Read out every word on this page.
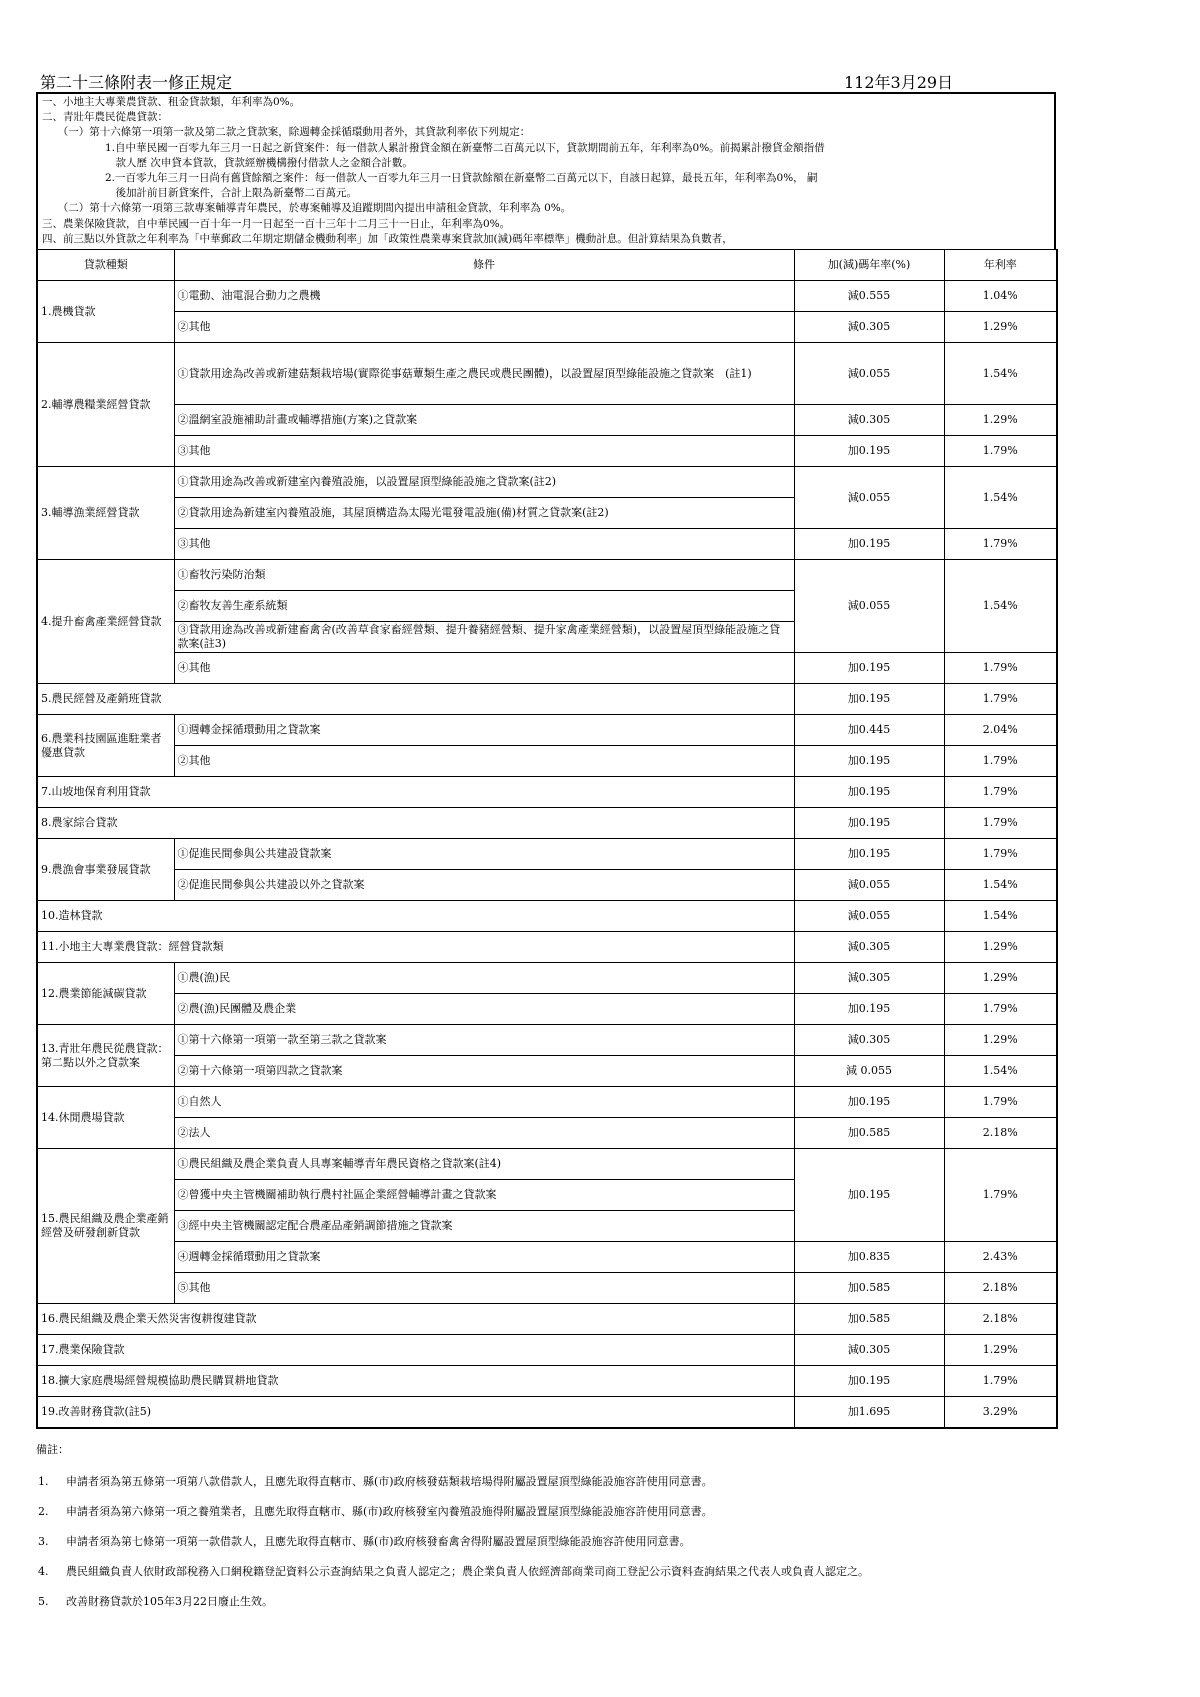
第二十三條附表一修正規定	112年3月29日
一、小地主大專業農貸款、租金貸款類，年利率為0%。
二、青壯年農民從農貸款：
　　（一）第十六條第一項第一款及第二款之貸款案，除週轉金採循環動用者外，其貸款利率依下列規定：
　　　　　　1.自中華民國一百零九年三月一日起之新貸案件：每一借款人累計撥貸金額在新臺幣二百萬元以下，貸款期間前五年，年利率為0%。前揭累計撥貸金額指借
　　　　　　　款人歷 次申貸本貸款，貸款經辦機構撥付借款人之金額合計數。
　　　　　　2.一百零九年三月一日尚有舊貸餘額之案件：每一借款人一百零九年三月一日貸款餘額在新臺幣二百萬元以下，自該日起算，最長五年，年利率為0%， 嗣
　　　　　　　後加計前目新貸案件，合計上限為新臺幣二百萬元。
　　（二）第十六條第一項第三款專案輔導青年農民，於專案輔導及追蹤期間內提出申請租金貸款，年利率為 0%。
三、農業保險貸款，自中華民國一百十年一月一日起至一百十三年十二月三十一日止，年利率為0%。
四、前三點以外貸款之年利率為「中華郵政二年期定期儲金機動利率」加「政策性農業專案貸款加(減)碼年率標準」機動計息。但計算結果為負數者，
貸款種類	條件	加(減)碼年率(%)	年利率
1.農機貸款	①電動、油電混合動力之農機	減0.555	1.04%
	②其他	減0.305	1.29%
2.輔導農糧業經營貸款	①貸款用途為改善或新建菇類栽培場(實際從事菇蕈類生產之農民或農民團體)，以設置屋頂型綠能設施之貸款案　(註1)	減0.055	1.54%
	②溫網室設施補助計畫或輔導措施(方案)之貸款案	減0.305	1.29%
	③其他	加0.195	1.79%
3.輔導漁業經營貸款	①貸款用途為改善或新建室內養殖設施，以設置屋頂型綠能設施之貸款案(註2)	減0.055	1.54%
	②貸款用途為新建室內養殖設施，其屋頂構造為太陽光電發電設施(備)材質之貸款案(註2)		
	③其他	加0.195	1.79%
4.提升畜禽產業經營貸款	①畜牧污染防治類	減0.055	1.54%
	②畜牧友善生產系統類		
	③貸款用途為改善或新建畜禽舍(改善草食家畜經營類、提升養豬經營類、提升家禽產業經營類)，以設置屋頂型綠能設施之貸款案(註3)		
	④其他	加0.195	1.79%
5.農民經營及產銷班貸款		加0.195	1.79%
6.農業科技園區進駐業者優惠貸款	①週轉金採循環動用之貸款案	加0.445	2.04%
	②其他	加0.195	1.79%
7.山坡地保育利用貸款		加0.195	1.79%
8.農家綜合貸款		加0.195	1.79%
9.農漁會事業發展貸款	①促進民間參與公共建設貸款案	加0.195	1.79%
	②促進民間參與公共建設以外之貸款案	減0.055	1.54%
10.造林貸款		減0.055	1.54%
11.小地主大專業農貸款：經營貸款類		減0.305	1.29%
12.農業節能減碳貸款	①農(漁)民	減0.305	1.29%
	②農(漁)民團體及農企業	加0.195	1.79%
13.青壯年農民從農貸款：第二點以外之貸款案	①第十六條第一項第一款至第三款之貸款案	減0.305	1.29%
	②第十六條第一項第四款之貸款案	減 0.055	1.54%
14.休閒農場貸款	①自然人	加0.195	1.79%
	②法人	加0.585	2.18%
15.農民組織及農企業產銷經營及研發創新貸款	①農民組織及農企業負責人具專案輔導青年農民資格之貸款案(註4)	加0.195	1.79%
	②曾獲中央主管機關補助執行農村社區企業經營輔導計畫之貸款案		
	③經中央主管機關認定配合農產品產銷調節措施之貸款案		
	④週轉金採循環動用之貸款案	加0.835	2.43%
	⑤其他	加0.585	2.18%
16.農民組織及農企業天然災害復耕復建貸款		加0.585	2.18%
17.農業保險貸款		減0.305	1.29%
18.擴大家庭農場經營規模協助農民購買耕地貸款		加0.195	1.79%
19.改善財務貸款(註5)		加1.695	3.29%
備註：
1.	申請者須為第五條第一項第八款借款人，且應先取得直轄市、縣(市)政府核發菇類栽培場得附屬設置屋頂型綠能設施容許使用同意書。
2.	申請者須為第六條第一項之養殖業者，且應先取得直轄市、縣(市)政府核發室內養殖設施得附屬設置屋頂型綠能設施容許使用同意書。
3.	申請者須為第七條第一項第一款借款人，且應先取得直轄市、縣(市)政府核發畜禽舍得附屬設置屋頂型綠能設施容許使用同意書。
4.	農民組織負責人依財政部稅務入口網稅籍登記資料公示查詢結果之負責人認定之；農企業負責人依經濟部商業司商工登記公示資料查詢結果之代表人或負責人認定之。
5.	改善財務貸款於105年3月22日廢止生效。
